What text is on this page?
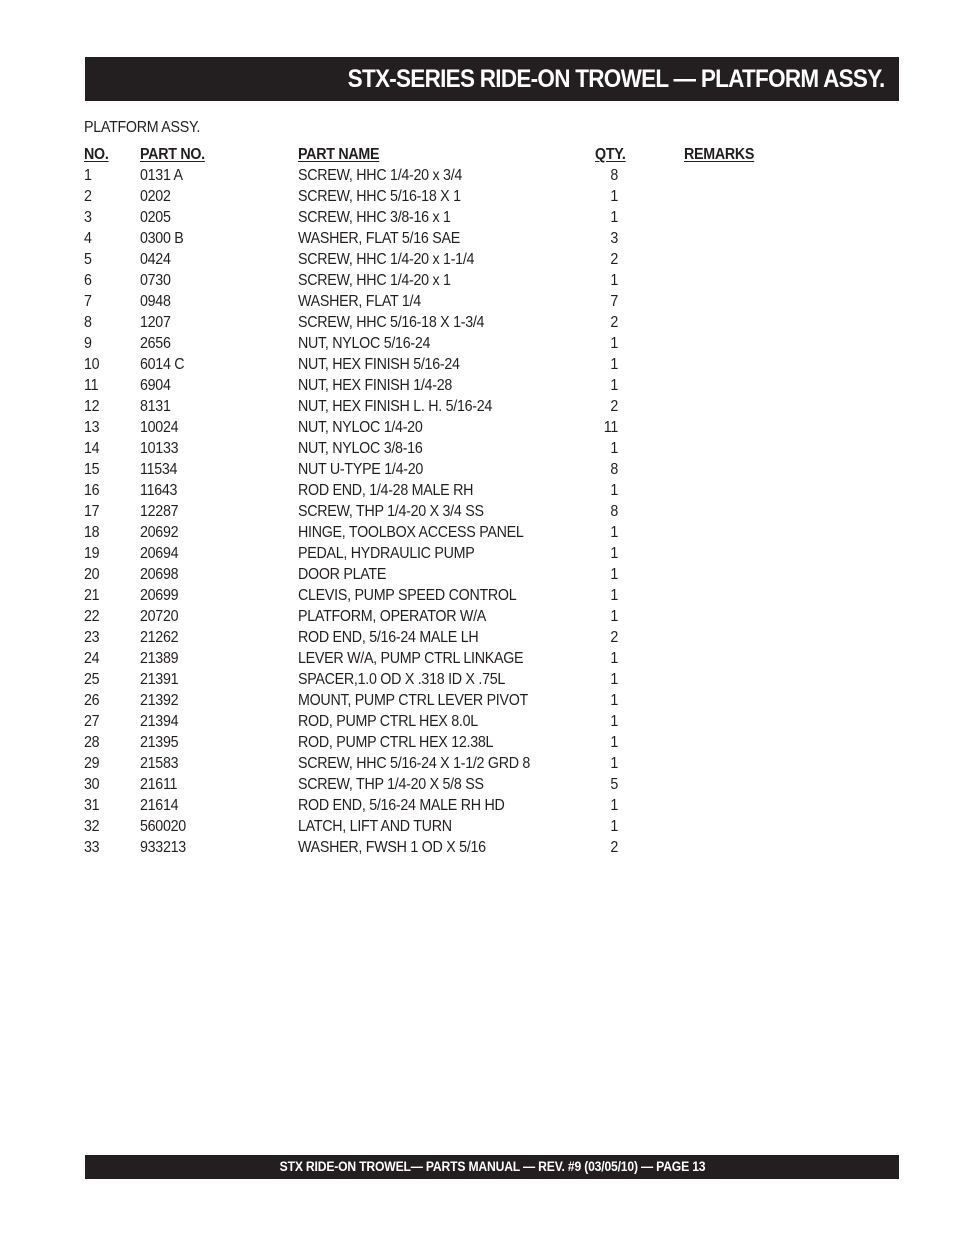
STX-SERIES RIDE-ON TROWEL — PLATFORM ASSY.
PLATFORM ASSY.
NO. PART NO.	PART NAME	QTY.	REMARKS
1	0131 A	SCREW, HHC 1/4-20 x 3/4	8
2	0202	SCREW, HHC 5/16-18 X 1	1
3	0205	SCREW, HHC 3/8-16 x 1	1
4	0300 B	WASHER, FLAT 5/16 SAE	3
5	0424	SCREW, HHC 1/4-20 x 1-1/4	2
6	0730	SCREW, HHC 1/4-20 x 1	1
7	0948	WASHER, FLAT 1/4	7
8	1207	SCREW, HHC 5/16-18 X 1-3/4	2
9	2656	NUT, NYLOC 5/16-24	1
10	6014 C	NUT, HEX FINISH 5/16-24	1
11	6904	NUT, HEX FINISH 1/4-28	1
12	8131	NUT, HEX FINISH L. H. 5/16-24	2
13	10024	NUT, NYLOC 1/4-20	11
14	10133	NUT, NYLOC 3/8-16	1
15	11534	NUT U-TYPE 1/4-20	8
16	11643	ROD END, 1/4-28 MALE RH	1
17	12287	SCREW, THP 1/4-20 X 3/4 SS	8
18	20692	HINGE, TOOLBOX ACCESS PANEL	1
19	20694	PEDAL, HYDRAULIC PUMP	1
20	20698	DOOR PLATE	1
21	20699	CLEVIS, PUMP SPEED CONTROL	1
22	20720	PLATFORM, OPERATOR W/A	1
23	21262	ROD END, 5/16-24 MALE LH	2
24	21389	LEVER W/A, PUMP CTRL LINKAGE	1
25	21391	SPACER,1.0 OD X .318 ID X .75L	1
26	21392	MOUNT, PUMP CTRL LEVER PIVOT	1
27	21394	ROD, PUMP CTRL HEX 8.0L	1
28	21395	ROD, PUMP CTRL HEX 12.38L	1
29	21583	SCREW, HHC 5/16-24 X 1-1/2 GRD 8	1
30	21611	SCREW, THP 1/4-20 X 5/8 SS	5
31	21614	ROD END, 5/16-24 MALE RH HD	1
32	560020	LATCH, LIFT AND TURN	1
33	933213	WASHER, FWSH 1 OD X 5/16	2
STX RIDE-ON TROWEL— PARTS MANUAL — REV. #9 (03/05/10) — PAGE 13
